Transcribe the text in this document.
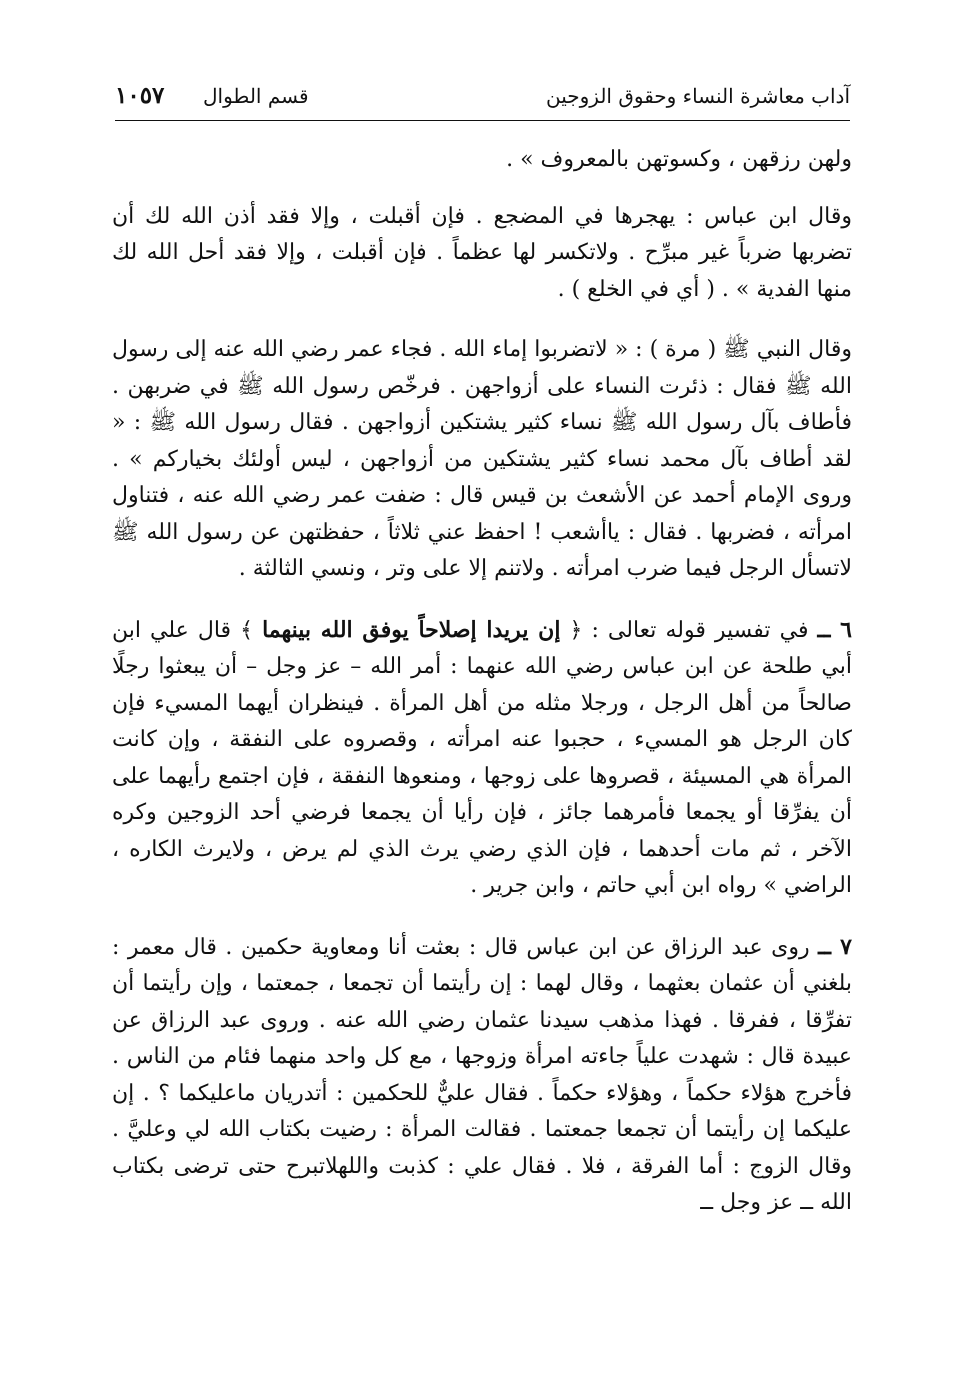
آداب معاشرة النساء وحقوق الزوجين
قسم الطوال
١٠٥٧

ولهن رزقهن ، وكسوتهن بالمعروف » .

وقال ابن عباس : يهجرها في المضجع . فإن أقبلت ، وإلا فقد أذن الله لك أن تضربها ضرباً غير مبرِّح . ولاتكسر لها عظماً . فإن أقبلت ، وإلا فقد أحل الله لك منها الفدية » . ( أي في الخلع ) .

وقال النبي ﷺ ( مرة ) : « لاتضربوا إماء الله . فجاء عمر رضي الله عنه إلى رسول الله ﷺ فقال : ذئرت النساء على أزواجهن . فرخّص رسول الله ﷺ في ضربهن . فأطاف بآل رسول الله ﷺ نساء كثير يشتكين أزواجهن . فقال رسول الله ﷺ : « لقد أطاف بآل محمد نساء كثير يشتكين من أزواجهن ، ليس أولئك بخياركم » . وروى الإمام أحمد عن الأشعث بن قيس قال : ضفت عمر رضي الله عنه ، فتناول امرأته ، فضربها . فقال : ياأشعب ! احفظ عني ثلاثاً ، حفظتهن عن رسول الله ﷺ لاتسأل الرجل فيما ضرب امرأته . ولاتنم إلا على وتر ، ونسي الثالثة .

٦ ــ في تفسير قوله تعالى : ﴿ إن يريدا إصلاحاً يوفق الله بينهما ﴾ قال علي ابن أبي طلحة عن ابن عباس رضي الله عنهما : أمر الله – عز وجل – أن يبعثوا رجلًا صالحاً من أهل الرجل ، ورجلا مثله من أهل المرأة . فينظران أيهما المسيء فإن كان الرجل هو المسيء ، حجبوا عنه امرأته ، وقصروه على النفقة ، وإن كانت المرأة هي المسيئة ، قصروها على زوجها ، ومنعوها النفقة ، فإن اجتمع رأيهما على أن يفرِّقا أو يجمعا فأمرهما جائز ، فإن رأيا أن يجمعا فرضي أحد الزوجين وكره الآخر ، ثم مات أحدهما ، فإن الذي رضي يرث الذي لم يرض ، ولايرث الكاره ، الراضي » رواه ابن أبي حاتم ، وابن جرير .

٧ ــ روى عبد الرزاق عن ابن عباس قال : بعثت أنا ومعاوية حكمين . قال معمر : بلغني أن عثمان بعثهما ، وقال لهما : إن رأيتما أن تجمعا ، جمعتما ، وإن رأيتما أن تفرِّقا ، ففرقا . فهذا مذهب سيدنا عثمان رضي الله عنه . وروى عبد الرزاق عن عبيدة قال : شهدت علياً جاءته امرأة وزوجها ، مع كل واحد منهما فئام من الناس . فأخرج هؤلاء حكماً ، وهؤلاء حكماً . فقال عليٌّ للحكمين : أتدريان ماعليكما ؟ . إن عليكما إن رأيتما أن تجمعا جمعتما . فقالت المرأة : رضيت بكتاب الله لي وعليَّ . وقال الزوج : أما الفرقة ، فلا . فقال علي : كذبت واللهلاتبرح حتى ترضى بكتاب الله ــ عز وجل ــ
